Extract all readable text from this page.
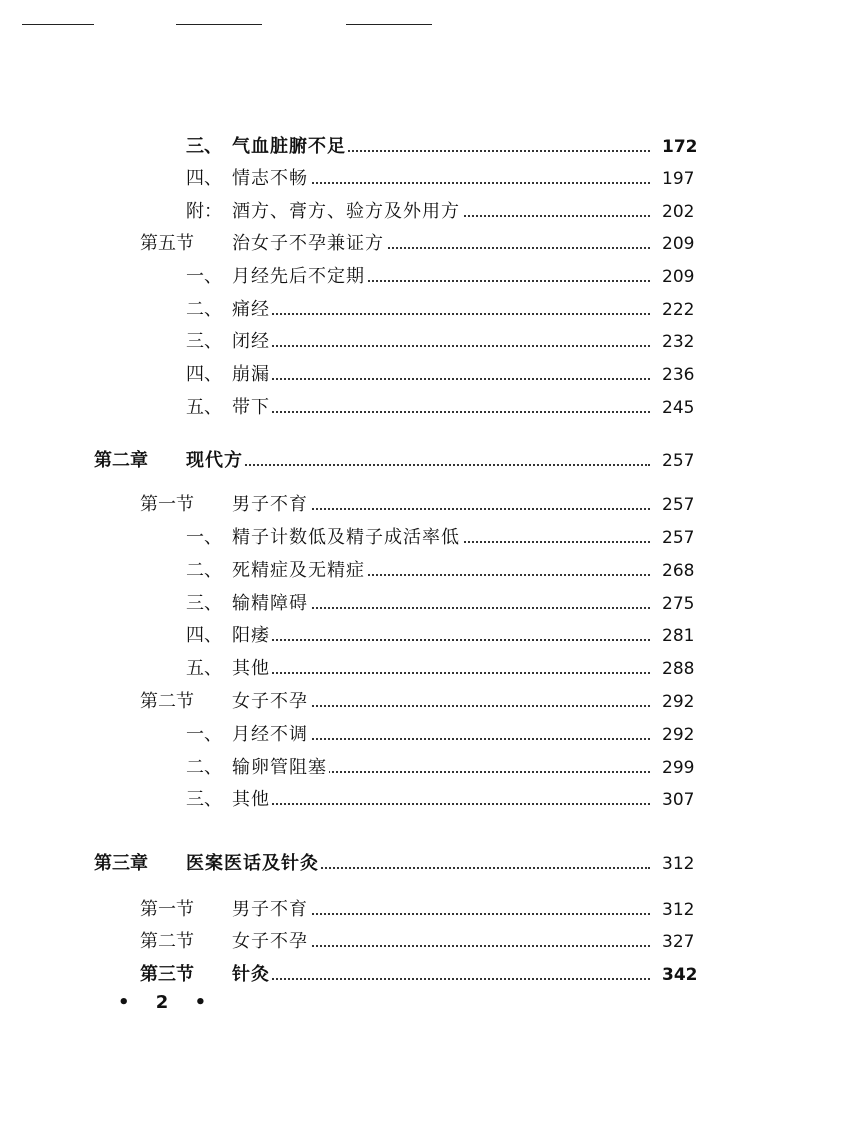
三、 气血脏腑不足	172
四、 情志不畅	197
附： 酒方、膏方、验方及外用方	202
第五节 治女子不孕兼证方	209
一、 月经先后不定期	209
二、 痛经	222
三、 闭经	232
四、 崩漏	236
五、 带下	245
第二章 现代方	257
第一节 男子不育	257
一、 精子计数低及精子成活率低	257
二、 死精症及无精症	268
三、 输精障碍	275
四、 阳痿	281
五、 其他	288
第二节 女子不孕	292
一、 月经不调	292
二、 输卵管阻塞	299
三、 其他	307
第三章 医案医话及针灸	312
第一节 男子不育	312
第二节 女子不孕	327
第三节 针灸	342
• 2 •
